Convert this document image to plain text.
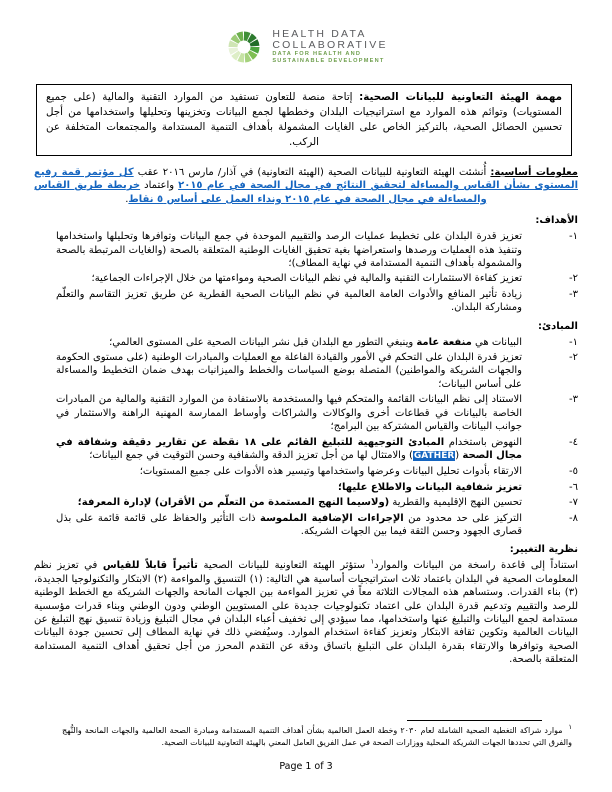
HEALTH DATA
COLLABORATIVE
DATA FOR HEALTH AND
SUSTAINABLE DEVELOPMENT
مهمة الهيئة التعاونية للبيانات الصحية: إتاحة منصة للتعاون تستفيد من الموارد التقنية والمالية (على جميع المستويات) وتوائم هذه الموارد مع استراتيجيات البلدان وخططها لجمع البيانات وتخزينها وتحليلها واستخدامها من أجل تحسين الحصائل الصحية، بالتركيز الخاص على الغايات المشمولة بأهداف التنمية المستدامة والمجتمعات المتخلفة عن الركب.

معلومات أساسية: أُنشئت الهيئة التعاونية للبيانات الصحية (الهيئة التعاونية) في آذار/ مارس ٢٠١٦ عقب كل مؤتمر قمة رفيع المستوى بشأن القياس والمساءلة لتحقيق النتائج في مجال الصحة في عام ٢٠١٥ واعتماد خريطة طريق القياس والمساءلة في مجال الصحة في عام ٢٠١٥ ونداء العمل على أساس ٥ نقاط.

الأهداف:
١-
تعزيز قدرة البلدان على تخطيط عمليات الرصد والتقييم الموحدة في جمع البيانات وتوافرها وتحليلها واستخدامها وتنفيذ هذه العمليات ورصدها واستعراضها بغية تحقيق الغايات الوطنية المتعلقة بالصحة (والغايات المرتبطة بالصحة والمشمولة بأهداف التنمية المستدامة في نهاية المطاف)؛
٢-
تعزيز كفاءة الاستثمارات التقنية والمالية في نظم البيانات الصحية ومواءمتها من خلال الإجراءات الجماعية؛
٣-
زيادة تأثير المنافع والأدوات العامة العالمية في نظم البيانات الصحية القطرية عن طريق تعزيز التقاسم والتعلّم ومشاركة البلدان.
المبادئ:
١-
البيانات هي منفعة عامة وينبغي التطور مع البلدان قبل نشر البيانات الصحية على المستوى العالمي؛
٢-
تعزيز قدرة البلدان على التحكم في الأمور والقيادة الفاعلة مع العمليات والمبادرات الوطنية (على مستوى الحكومة والجهات الشريكة والمواطنين) المتصلة بوضع السياسات والخطط والميزانيات بهدف ضمان التخطيط والمساءلة على أساس البيانات؛
٣-
الاستناد إلى نظم البيانات القائمة والمتحكم فيها والمستخدمة بالاستفادة من الموارد التقنية والمالية من المبادرات الخاصة بالبيانات في قطاعات أخرى والوكالات والشراكات وأوساط الممارسة المهنية الراهنة والاستثمار في جوانب البيانات والقياس المشتركة بين البرامج؛
٤-
النهوض باستخدام المبادئ التوجيهية للتبليغ القائم على ١٨ نقطة عن تقارير دقيقة وشفافة في مجال الصحة (GATHER) والامتثال لها من أجل تعزيز الدقة والشفافية وحسن التوقيت في جمع البيانات؛
٥-
الارتقاء بأدوات تحليل البيانات وعرضها واستخدامها وتيسير هذه الأدوات على جميع المستويات؛
٦-
تعزيز شفافية البيانات والاطلاع عليها؛
٧-
تحسين النهج الإقليمية والقطرية (ولاسيما النهج المستمدة من التعلّم من الأقران) لإدارة المعرفة؛
٨-
التركيز على حد محدود من الإجراءات الإضافية الملموسة ذات التأثير والحفاظ على قائمة قائمة على بذل قصارى الجهود وحسن الثقة فيما بين الجهات الشريكة.
نظرية التغيير:

استناداً إلى قاعدة راسخة من البيانات والموارد$^١$ ستؤثر الهيئة التعاونية للبيانات الصحية تأثيراً قابلاً للقياس في تعزيز نظم المعلومات الصحية في البلدان باعتماد ثلاث استراتيجيات أساسية هي التالية: (١) التنسيق والمواءمة (٢) الابتكار والتكنولوجيا الجديدة، (٣) بناء القدرات. وستساهم هذه المجالات الثلاثة معاً في تعزيز المواءمة بين الجهات المانحة والجهات الشريكة مع الخطط الوطنية للرصد والتقييم وتدعيم قدرة البلدان على اعتماد تكنولوجيات جديدة على المستويين الوطني ودون الوطني وبناء قدرات مؤسسية مستدامة لجمع البيانات والتبليغ عنها واستخدامها، مما سيؤدي إلى تخفيف أعباء البلدان في مجال التبليغ وزيادة تنسيق نهج التبليغ عن البيانات العالمية وتكوين ثقافة الابتكار وتعزيز كفاءة استخدام الموارد. وسيُفضي ذلك في نهاية المطاف إلى تحسين جودة البيانات الصحية وتوافرها والارتقاء بقدرة البلدان على التبليغ باتساق ودقة عن التقدم المحرز من أجل تحقيق أهداف التنمية المستدامة المتعلقة بالصحة.

$^١$موارد شراكة التغطية الصحية الشاملة لعام ٢٠٣٠ وخطة العمل العالمية بشأن أهداف التنمية المستدامة ومبادرة الصحة العالمية والجهات المانحة والنُّهج والفرق التي تحددها الجهات الشريكة المحلية ووزارات الصحة في عمل الفريق العامل المعني بالهيئة التعاونية للبيانات الصحية.
Page 1 of 3
